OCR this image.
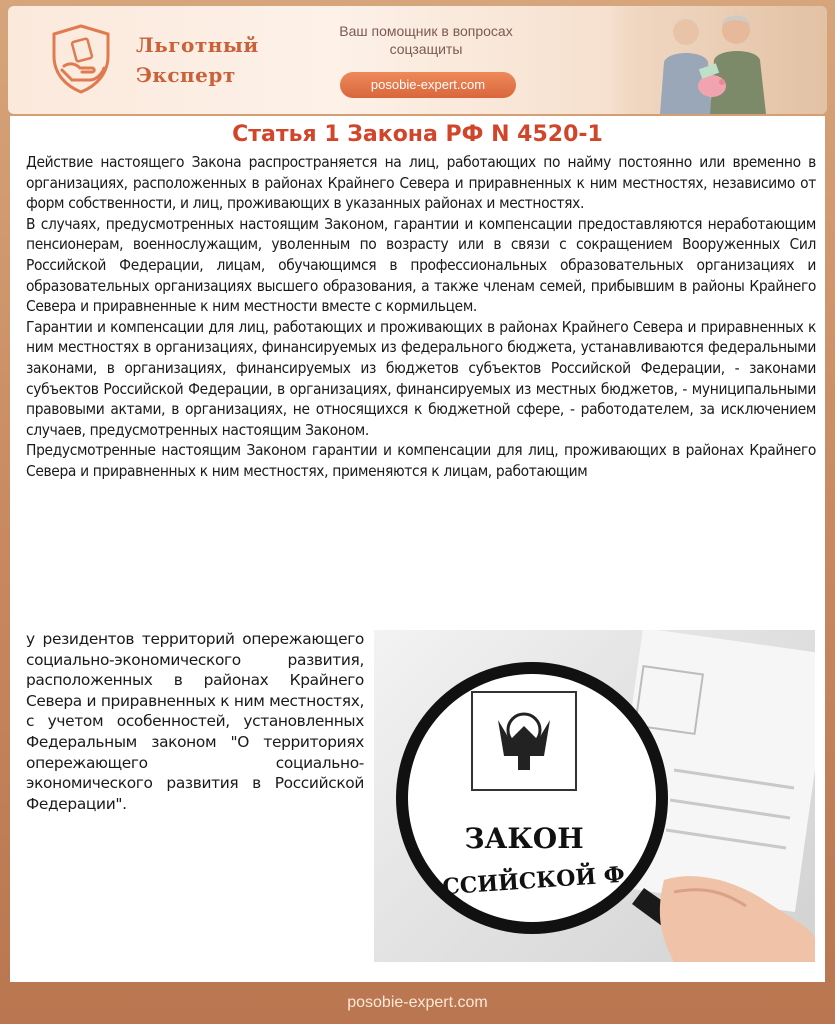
Льготный
Эксперт
Ваш помощник в вопросах
соцзащиты
posobie-expert.com
Статья 1 Закона РФ N 4520-1

Действие настоящего Закона распространяется на лиц, работающих по найму постоянно или временно в организациях, расположенных в районах Крайнего Севера и приравненных к ним местностях, независимо от форм собственности, и лиц, проживающих в указанных районах и местностях.

В случаях, предусмотренных настоящим Законом, гарантии и компенсации предоставляются неработающим пенсионерам, военнослужащим, уволенным по возрасту или в связи с сокращением Вооруженных Сил Российской Федерации, лицам, обучающимся в профессиональных образовательных организациях и образовательных организациях высшего образования, а также членам семей, прибывшим в районы Крайнего Севера и приравненные к ним местности вместе с кормильцем.

Гарантии и компенсации для лиц, работающих и проживающих в районах Крайнего Севера и приравненных к ним местностях в организациях, финансируемых из федерального бюджета, устанавливаются федеральными законами, в организациях, финансируемых из бюджетов субъектов Российской Федерации, - законами субъектов Российской Федерации, в организациях, финансируемых из местных бюджетов, - муниципальными правовыми актами, в организациях, не относящихся к бюджетной сфере, - работодателем, за исключением случаев, предусмотренных настоящим Законом.

Предусмотренные настоящим Законом гарантии и компенсации для лиц, проживающих в районах Крайнего Севера и приравненных к ним местностях, применяются к лицам, работающим

у резидентов территорий опережающего социально-экономического развития, расположенных в районах Крайнего Севера и приравненных к ним местностях, с учетом особенностей, установленных Федеральным законом "О территориях опережающего социально-экономического развития в Российской Федерации".
ЗАКОН
ССИЙСКОЙ Ф
posobie-expert.com
